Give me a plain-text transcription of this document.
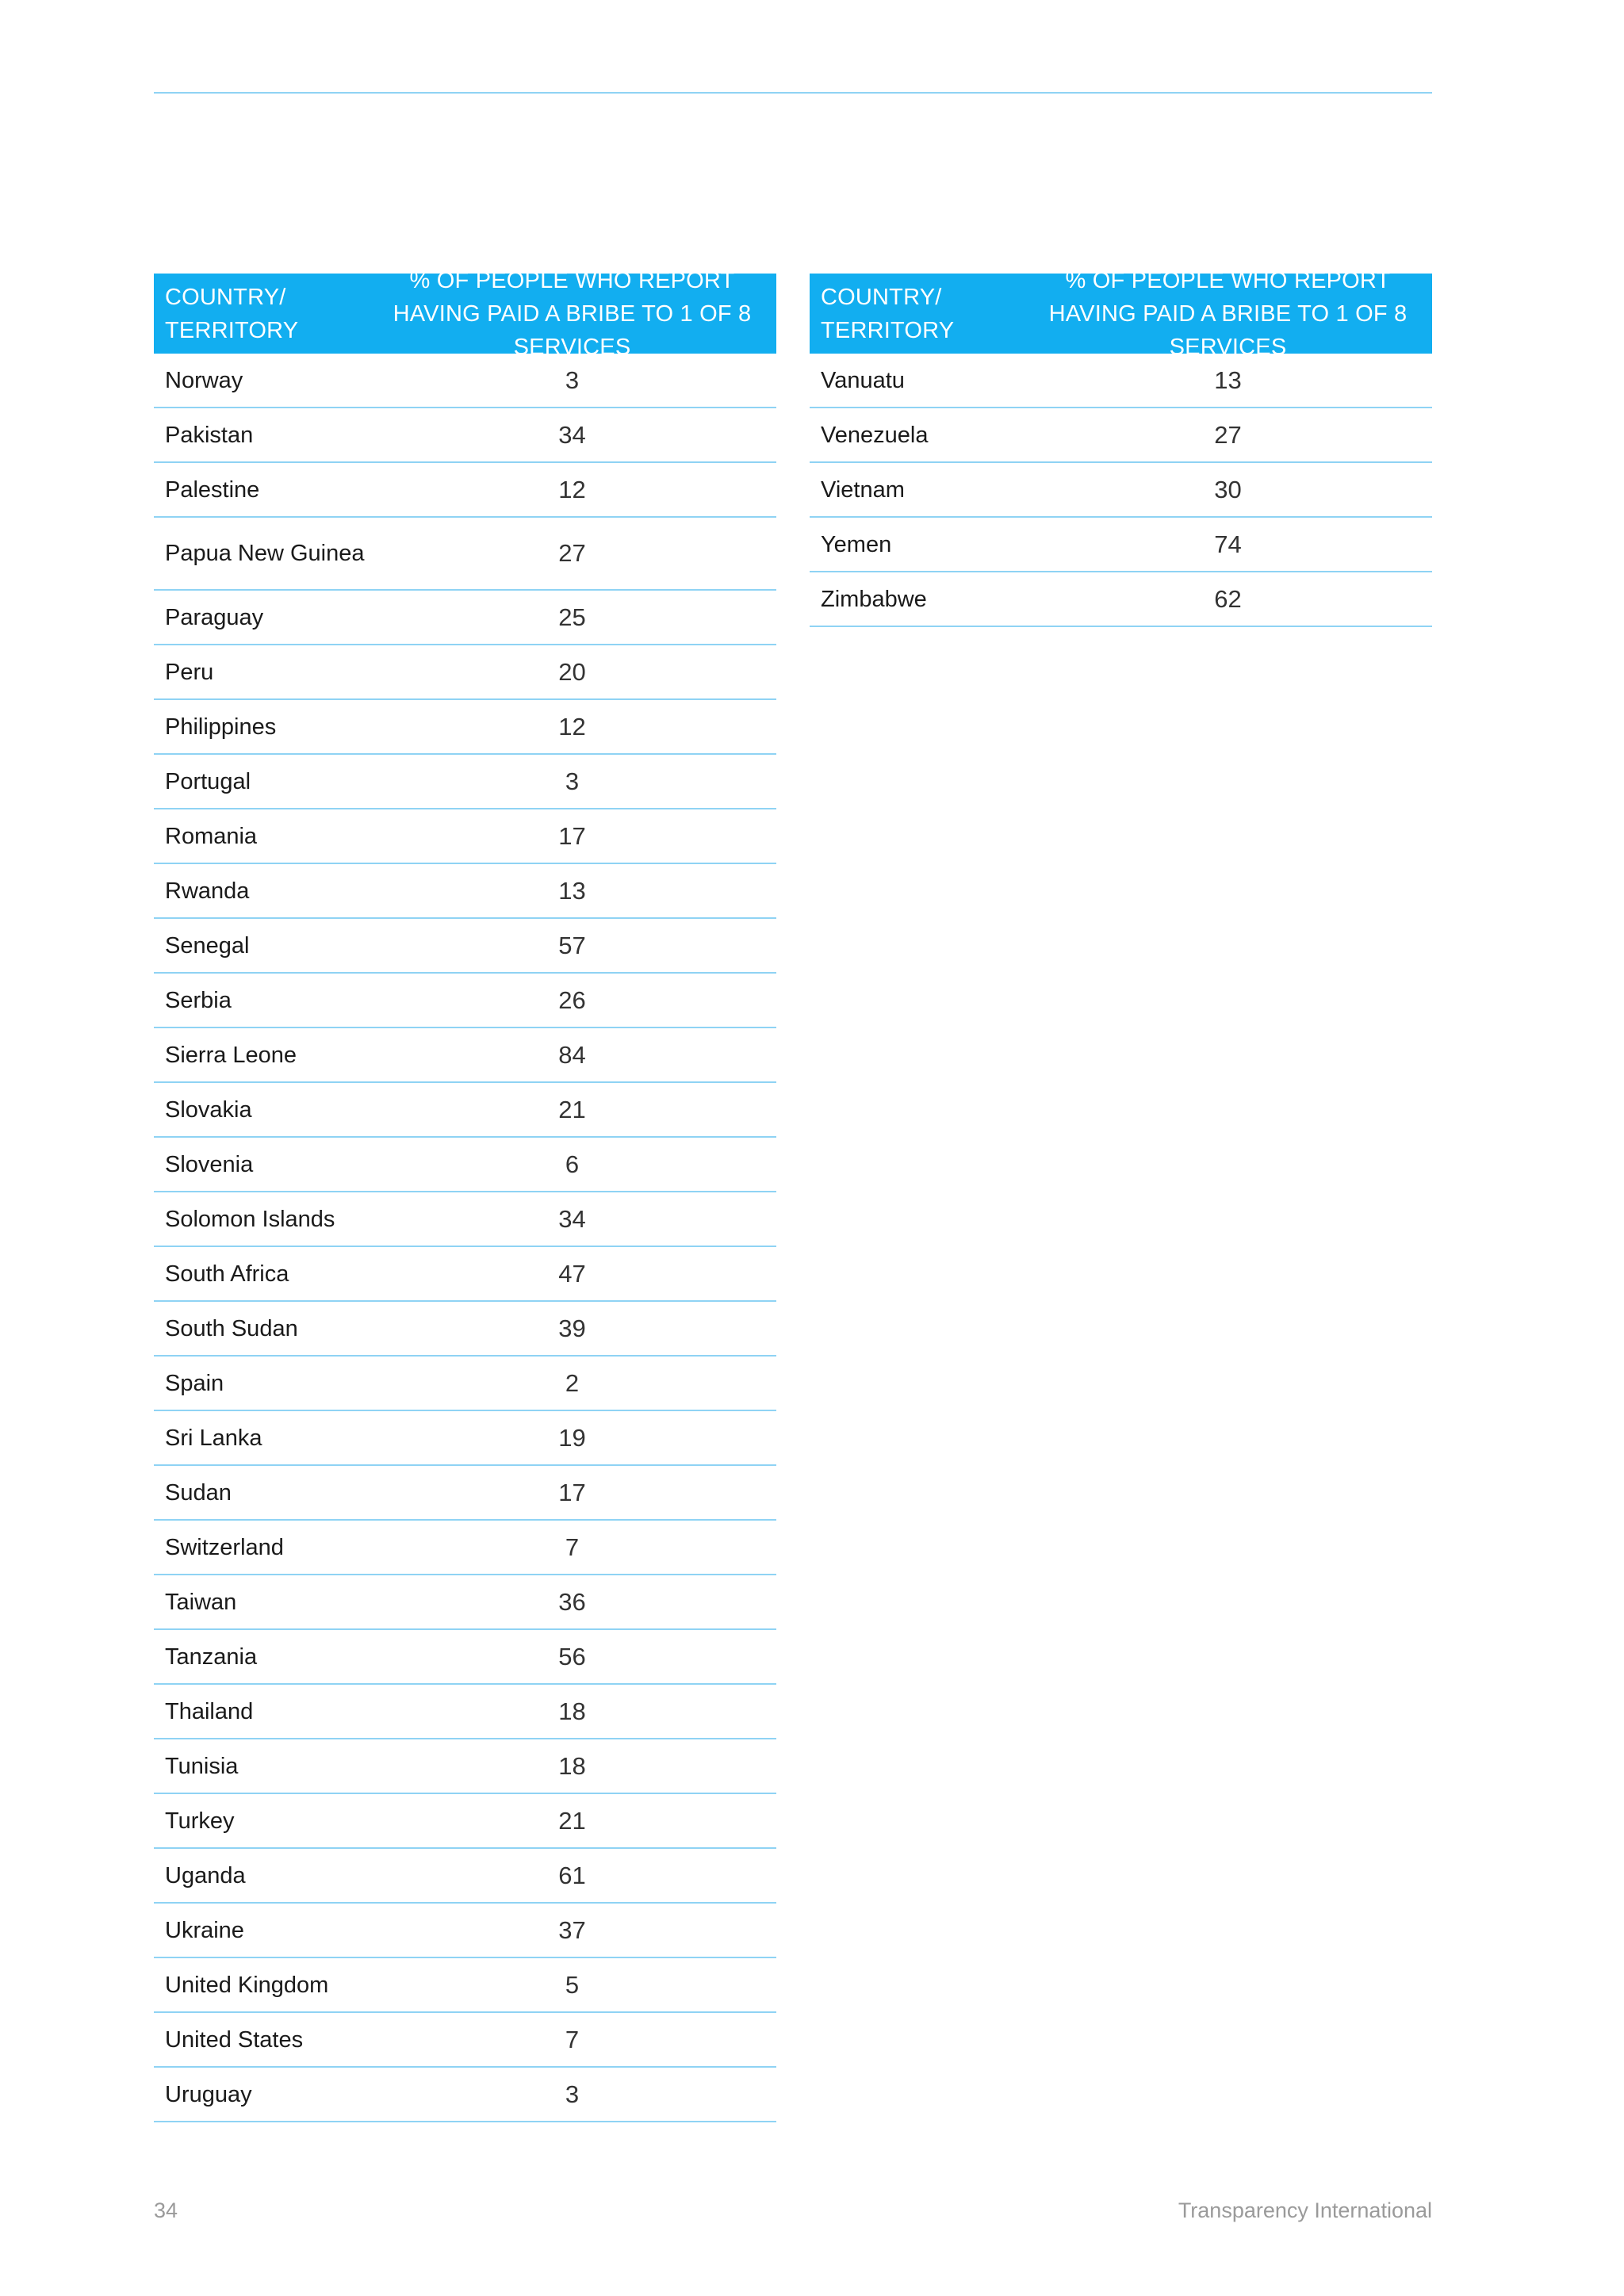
COUNTRY/ TERRITORY
% OF PEOPLE WHO REPORT HAVING PAID A BRIBE TO 1 OF 8 SERVICES
Norway	3
Pakistan	34
Palestine	12
Papua New Guinea	27
Paraguay	25
Peru	20
Philippines	12
Portugal	3
Romania	17
Rwanda	13
Senegal	57
Serbia	26
Sierra Leone	84
Slovakia	21
Slovenia	6
Solomon Islands	34
South Africa	47
South Sudan	39
Spain	2
Sri Lanka	19
Sudan	17
Switzerland	7
Taiwan	36
Tanzania	56
Thailand	18
Tunisia	18
Turkey	21
Uganda	61
Ukraine	37
United Kingdom	5
United States	7
Uruguay	3
COUNTRY/ TERRITORY
% OF PEOPLE WHO REPORT HAVING PAID A BRIBE TO 1 OF 8 SERVICES
Vanuatu	13
Venezuela	27
Vietnam	30
Yemen	74
Zimbabwe	62
34	Transparency International
